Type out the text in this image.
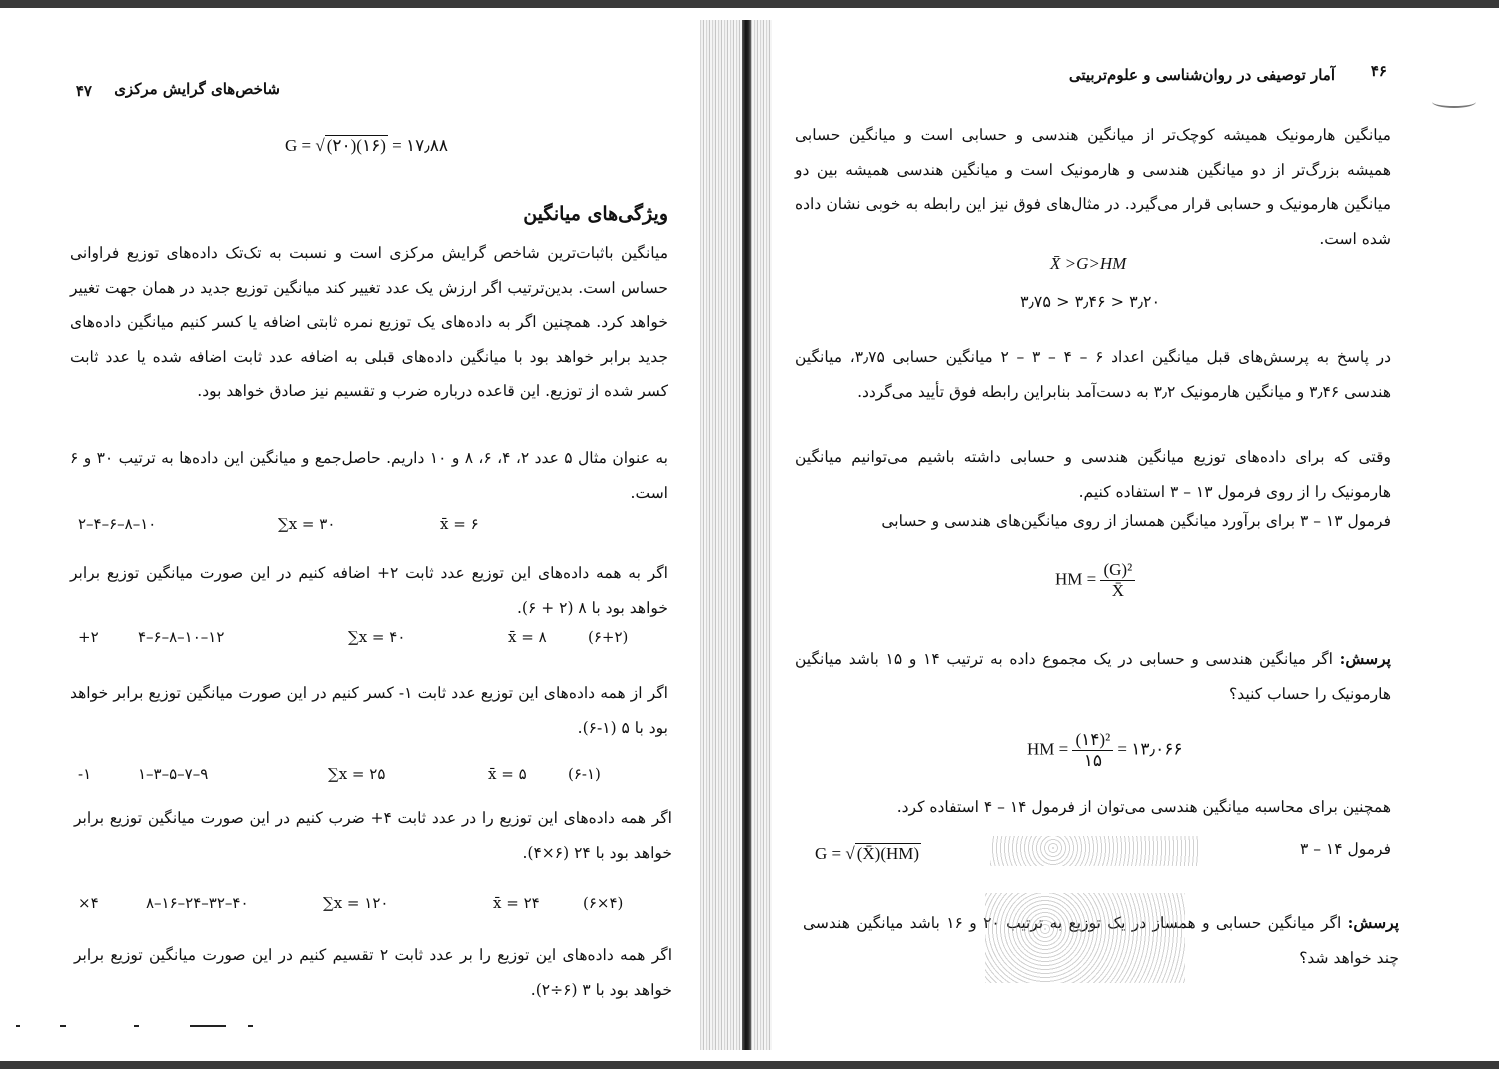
شاخص‌های گرایش مرکزی
۴۷
G = √ (۲۰)(۱۶) = ۱۷٫۸۸
ویژگی‌های میانگین
میانگین باثبات‌ترین شاخص گرایش مرکزی است و نسبت به تک‌تک داده‌های توزیع فراوانی حساس است. بدین‌ترتیب اگر ارزش یک عدد تغییر کند میانگین توزیع جدید در همان جهت تغییر خواهد کرد. همچنین اگر به داده‌های یک توزیع نمره ثابتی اضافه یا کسر کنیم میانگین داده‌های جدید برابر خواهد بود با میانگین داده‌های قبلی به اضافه عدد ثابت اضافه شده یا عدد ثابت کسر شده از توزیع. این قاعده درباره ضرب و تقسیم نیز صادق خواهد بود.
به عنوان مثال ۵ عدد ۲، ۴، ۶، ۸ و ۱۰ داریم. حاصل‌جمع و میانگین این داده‌ها به ترتیب ۳۰ و ۶ است.
۲–۴–۶–۸–۱۰	∑x = ۳۰	x̄ = ۶
اگر به همه داده‌های این توزیع عدد ثابت ۲+ اضافه کنیم در این صورت میانگین توزیع برابر خواهد بود با ۸ (۲ + ۶).
+۲	۴–۶–۸–۱۰–۱۲	∑x = ۴۰	x̄ = ۸	(۶+۲)
اگر از همه داده‌های این توزیع عدد ثابت ۱- کسر کنیم در این صورت میانگین توزیع برابر خواهد بود با ۵ (۱-۶).
-۱	۱–۳–۵–۷–۹	∑x = ۲۵	x̄ = ۵	(۶-۱)
اگر همه داده‌های این توزیع را در عدد ثابت ۴+ ضرب کنیم در این صورت میانگین توزیع برابر خواهد بود با ۲۴ (۶×۴).
×۴	۸–۱۶–۲۴–۳۲–۴۰	∑x = ۱۲۰	x̄ = ۲۴	(۶×۴)
اگر همه داده‌های این توزیع را بر عدد ثابت ۲ تقسیم کنیم در این صورت میانگین توزیع برابر خواهد بود با ۳ (۶÷۲).
۴۶
آمار توصیفی در روان‌شناسی و علوم‌تربیتی
میانگین هارمونیک همیشه کوچک‌تر از میانگین هندسی و حسابی است و میانگین حسابی همیشه بزرگ‌تر از دو میانگین هندسی و هارمونیک است و میانگین هندسی همیشه بین دو میانگین هارمونیک و حسابی قرار می‌گیرد. در مثال‌های فوق نیز این رابطه به خوبی نشان داده شده است.
X̄ >G>HM
۳٫۷۵ > ۳٫۴۶ > ۳٫۲۰
در پاسخ به پرسش‌های قبل میانگین اعداد ۶ – ۴ – ۳ – ۲ میانگین حسابی ۳٫۷۵، میانگین هندسی ۳٫۴۶ و میانگین هارمونیک ۳٫۲ به دست‌آمد بنابراین رابطه فوق تأیید می‌گردد.
وقتی که برای داده‌های توزیع میانگین هندسی و حسابی داشته باشیم می‌توانیم میانگین هارمونیک را از روی فرمول ۱۳ – ۳ استفاده کنیم.
فرمول ۱۳ – ۳ برای برآورد میانگین همساز از روی میانگین‌های هندسی و حسابی
HM = $\frac{\text{(G)²}}{X̄}$
پرسش: اگر میانگین هندسی و حسابی در یک مجموع داده به ترتیب ۱۴ و ۱۵ باشد میانگین هارمونیک را حساب کنید؟
HM = $\frac{\text{(۱۴)²}}{۱۵}$ = ۱۳٫۰۶۶
همچنین برای محاسبه میانگین هندسی می‌توان از فرمول ۱۴ – ۴ استفاده کرد.
فرمول ۱۴ – ۳
G = √ (X̄)(HM)
پرسش: اگر میانگین حسابی و همساز در یک توزیع به ترتیب ۲۰ و ۱۶ باشد میانگین هندسی چند خواهد شد؟
